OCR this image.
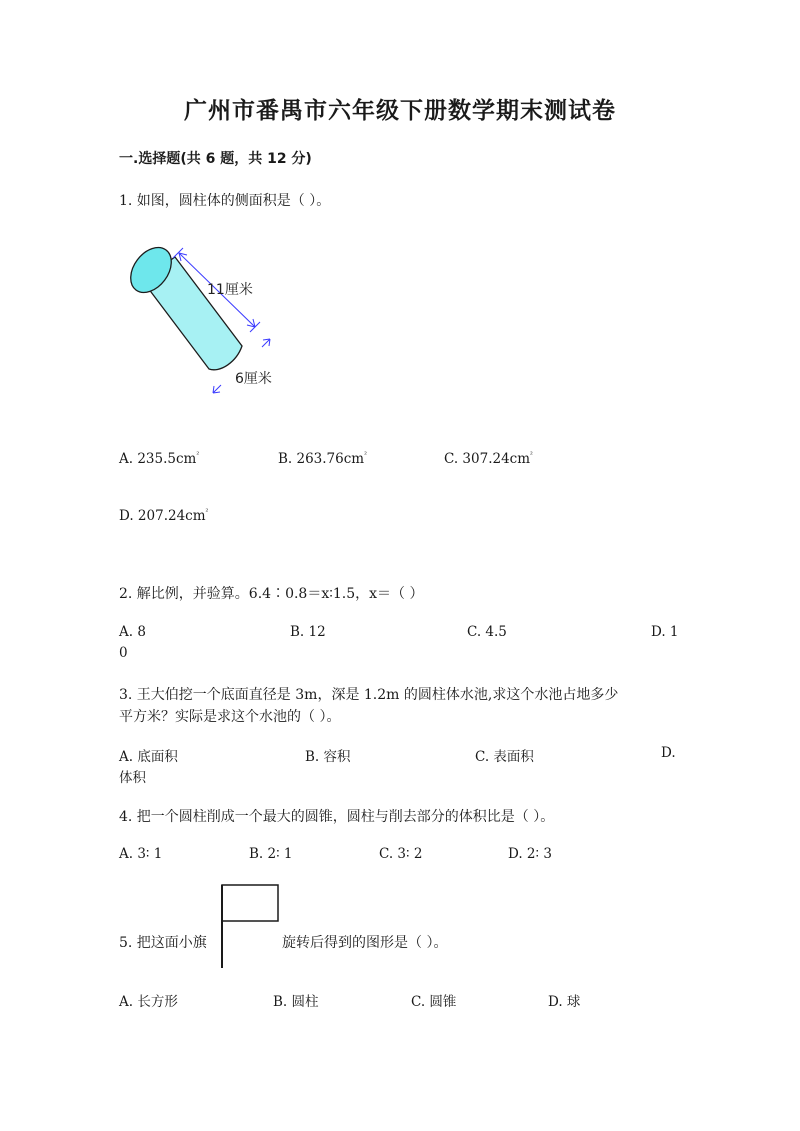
广州市番禺市六年级下册数学期末测试卷
一.选择题(共 6 题，共 12 分)
1. 如图，圆柱体的侧面积是（ ）。
11厘米
6厘米
A. $235.5cm^{^2}$	B. $263.76cm^{^2}$	C. $307.24cm^{^2}$
D. $207.24cm^{^2}$
2. 解比例，并验算。6.4∶0.8＝x∶1.5，x＝（ ）
A. 8	B. 12	C. 4.5	D. 1
0
3. 王大伯挖一个底面直径是 3m，深是 1.2m 的圆柱体水池,求这个水池占地多少
平方米？实际是求这个水池的（ ）。
A. 底面积	B. 容积	C. 表面积	D.
体积
4. 把一个圆柱削成一个最大的圆锥，圆柱与削去部分的体积比是（ ）。
A. 3∶ 1	B. 2∶ 1	C. 3∶ 2	D. 2∶ 3
5. 把这面小旗	旋转后得到的图形是（ ）。
A. 长方形	B. 圆柱	C. 圆锥	D. 球
